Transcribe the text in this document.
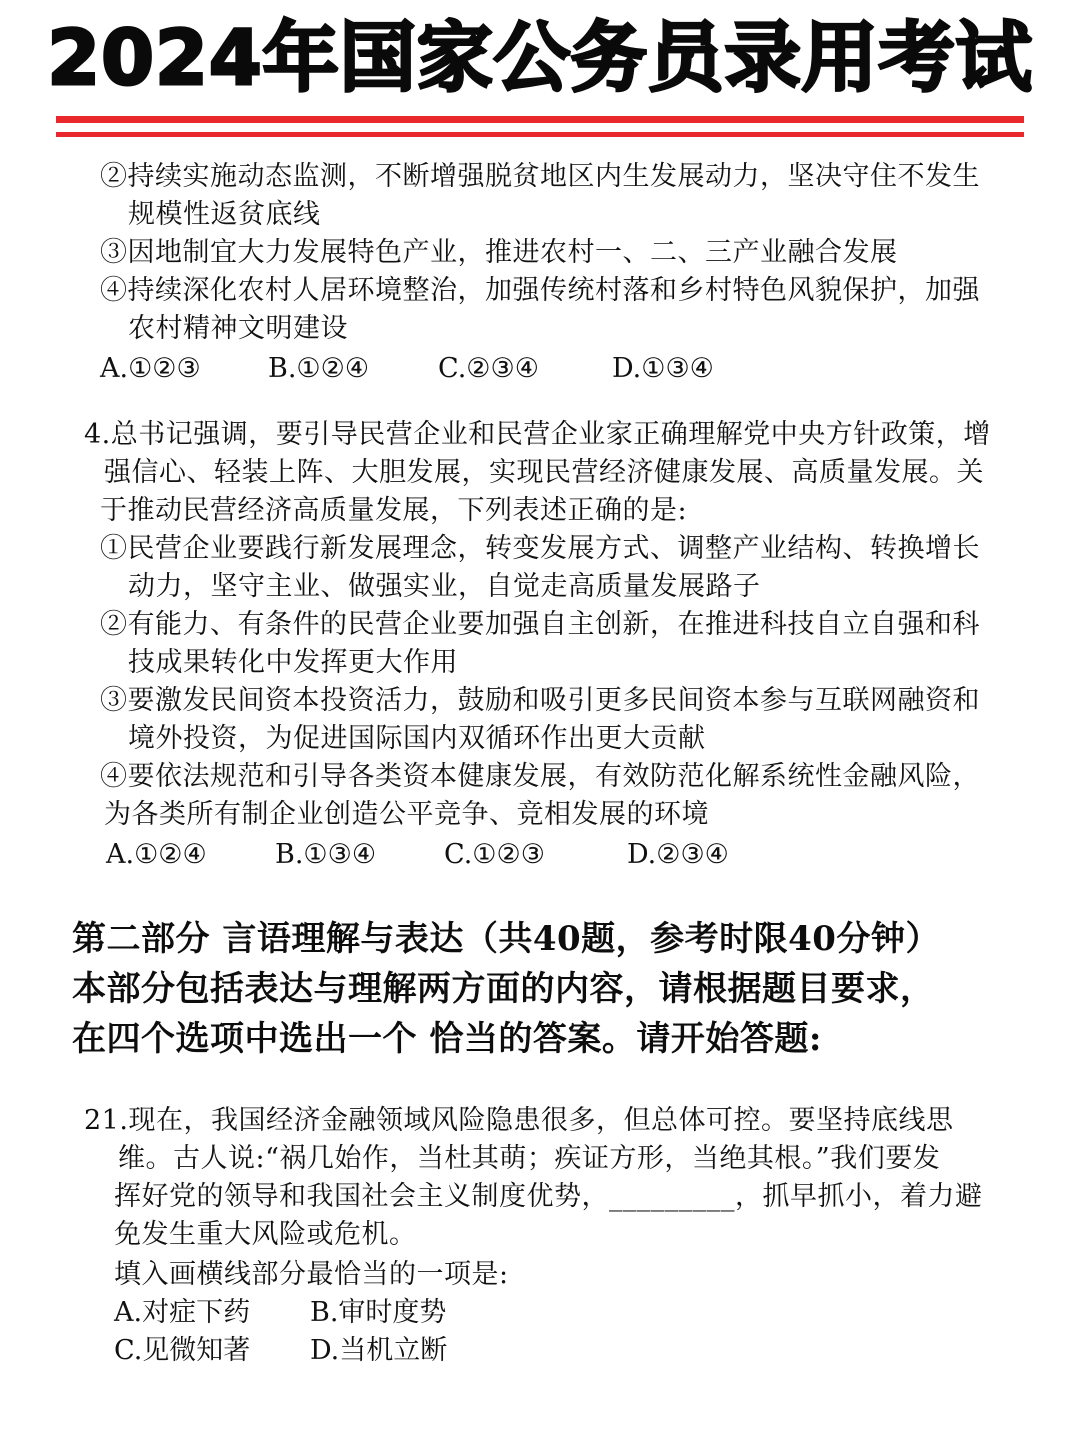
2024年国家公务员录用考试
②持续实施动态监测，不断增强脱贫地区内生发展动力，坚决守住不发生
规模性返贫底线
③因地制宜大力发展特色产业，推进农村一、二、三产业融合发展
④持续深化农村人居环境整治，加强传统村落和乡村特色风貌保护，加强
农村精神文明建设
A.①②③ B.①②④	C.②③④	D.①③④
4.总书记强调，要引导民营企业和民营企业家正确理解党中央方针政策，增
强信心、轻装上阵、大胆发展，实现民营经济健康发展、高质量发展。关
于推动民营经济高质量发展，下列表述正确的是:
①民营企业要践行新发展理念，转变发展方式、调整产业结构、转换增长
动力，坚守主业、做强实业，自觉走高质量发展路子
②有能力、有条件的民营企业要加强自主创新，在推进科技自立自强和科
技成果转化中发挥更大作用
③要激发民间资本投资活力，鼓励和吸引更多民间资本参与互联网融资和
境外投资，为促进国际国内双循环作出更大贡献
④要依法规范和引导各类资本健康发展，有效防范化解系统性金融风险，
为各类所有制企业创造公平竞争、竞相发展的环境
A.①②④	B.①③④	C.①②③	D.②③④
第二部分 言语理解与表达（共40题，参考时限40分钟）
本部分包括表达与理解两方面的内容，请根据题目要求，
在四个选项中选出一个 恰当的答案。请开始答题:
21.现在，我国经济金融领域风险隐患很多，但总体可控。要坚持底线思
维。古人说:“祸几始作，当杜其萌；疾证方形，当绝其根。”我们要发
挥好党的领导和我国社会主义制度优势，_________，抓早抓小，着力避
免发生重大风险或危机。
填入画横线部分最恰当的一项是:
A.对症下药 B.审时度势
C.见微知著 D.当机立断
